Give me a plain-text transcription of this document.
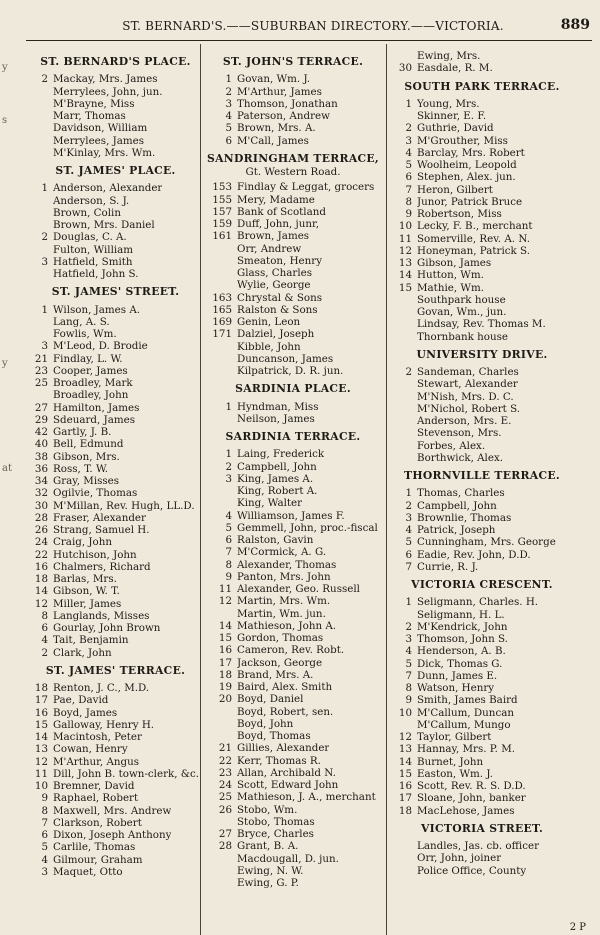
ST. BERNARD'S.——SUBURBAN DIRECTORY.——VICTORIA.	889
y
s
y
at
ST. BERNARD'S PLACE.
2 Mackay, Mrs. James
Merrylees, John, jun.
M'Brayne, Miss
Marr, Thomas
Davidson, William
Merrylees, James
M'Kinlay, Mrs. Wm.
ST. JAMES' PLACE.
1 Anderson, Alexander
Anderson, S. J.
Brown, Colin
Brown, Mrs. Daniel
2 Douglas, C. A.
Fulton, William
3 Hatfield, Smith
Hatfield, John S.
ST. JAMES' STREET.
1 Wilson, James A.
Lang, A. S.
Fowlis, Wm.
3 M'Leod, D. Brodie
21 Findlay, L. W.
23 Cooper, James
25 Broadley, Mark
Broadley, John
27 Hamilton, James
29 Sdeuard, James
42 Gartly, J. B.
40 Bell, Edmund
38 Gibson, Mrs.
36 Ross, T. W.
34 Gray, Misses
32 Ogilvie, Thomas
30 M'Millan, Rev. Hugh, LL.D.
28 Fraser, Alexander
26 Strang, Samuel H.
24 Craig, John
22 Hutchison, John
16 Chalmers, Richard
18 Barlas, Mrs.
14 Gibson, W. T.
12 Miller, James
8 Langlands, Misses
6 Gourlay, John Brown
4 Tait, Benjamin
2 Clark, John
ST. JAMES' TERRACE.
18 Renton, J. C., M.D.
17 Pae, David
16 Boyd, James
15 Galloway, Henry H.
14 Macintosh, Peter
13 Cowan, Henry
12 M'Arthur, Angus
11 Dill, John B. town-clerk, &c.
10 Bremner, David
9 Raphael, Robert
8 Maxwell, Mrs. Andrew
7 Clarkson, Robert
6 Dixon, Joseph Anthony
5 Carlile, Thomas
4 Gilmour, Graham
3 Maquet, Otto
ST. JOHN'S TERRACE.
1 Govan, Wm. J.
2 M'Arthur, James
3 Thomson, Jonathan
4 Paterson, Andrew
5 Brown, Mrs. A.
6 M'Call, James
SANDRINGHAM TERRACE,
Gt. Western Road.
153 Findlay & Leggat, grocers
155 Mery, Madame
157 Bank of Scotland
159 Duff, John, junr,
161 Brown, James
Orr, Andrew
Smeaton, Henry
Glass, Charles
Wylie, George
163 Chrystal & Sons
165 Ralston & Sons
169 Genin, Leon
171 Dalziel, Joseph
Kibble, John
Duncanson, James
Kilpatrick, D. R. jun.
SARDINIA PLACE.
1 Hyndman, Miss
Neilson, James
SARDINIA TERRACE.
1 Laing, Frederick
2 Campbell, John
3 King, James A.
King, Robert A.
King, Walter
4 Williamson, James F.
5 Gemmell, John, proc.-fiscal
6 Ralston, Gavin
7 M'Cormick, A. G.
8 Alexander, Thomas
9 Panton, Mrs. John
11 Alexander, Geo. Russell
12 Martin, Mrs. Wm.
Martin, Wm. jun.
14 Mathieson, John A.
15 Gordon, Thomas
16 Cameron, Rev. Robt.
17 Jackson, George
18 Brand, Mrs. A.
19 Baird, Alex. Smith
20 Boyd, Daniel
Boyd, Robert, sen.
Boyd, John
Boyd, Thomas
21 Gillies, Alexander
22 Kerr, Thomas R.
23 Allan, Archibald N.
24 Scott, Edward John
25 Mathieson, J. A., merchant
26 Stobo, Wm.
Stobo, Thomas
27 Bryce, Charles
28 Grant, B. A.
Macdougall, D. jun.
Ewing, N. W.
Ewing, G. P.
Ewing, Mrs.
30 Easdale, R. M.
SOUTH PARK TERRACE.
1 Young, Mrs.
Skinner, E. F.
2 Guthrie, David
3 M'Grouther, Miss
4 Barclay, Mrs. Robert
5 Woolheim, Leopold
6 Stephen, Alex. jun.
7 Heron, Gilbert
8 Junor, Patrick Bruce
9 Robertson, Miss
10 Lecky, F. B., merchant
11 Somerville, Rev. A. N.
12 Honeyman, Patrick S.
13 Gibson, James
14 Hutton, Wm.
15 Mathie, Wm.
Southpark house
Govan, Wm., jun.
Lindsay, Rev. Thomas M.
Thornbank house
UNIVERSITY DRIVE.
2 Sandeman, Charles
Stewart, Alexander
M'Nish, Mrs. D. C.
M'Nichol, Robert S.
Anderson, Mrs. E.
Stevenson, Mrs.
Forbes, Alex.
Borthwick, Alex.
THORNVILLE TERRACE.
1 Thomas, Charles
2 Campbell, John
3 Brownlie, Thomas
4 Patrick, Joseph
5 Cunningham, Mrs. George
6 Eadie, Rev. John, D.D.
7 Currie, R. J.
VICTORIA CRESCENT.
1 Seligmann, Charles. H.
Seligmann, H. L.
2 M'Kendrick, John
3 Thomson, John S.
4 Henderson, A. B.
5 Dick, Thomas G.
7 Dunn, James E.
8 Watson, Henry
9 Smith, James Baird
10 M'Callum, Duncan
M'Callum, Mungo
12 Taylor, Gilbert
13 Hannay, Mrs. P. M.
14 Burnet, John
15 Easton, Wm. J.
16 Scott, Rev. R. S. D.D.
17 Sloane, John, banker
18 MacLehose, James
VICTORIA STREET.
Landles, Jas. cb. officer
Orr, John, joiner
Police Office, County
2 P
